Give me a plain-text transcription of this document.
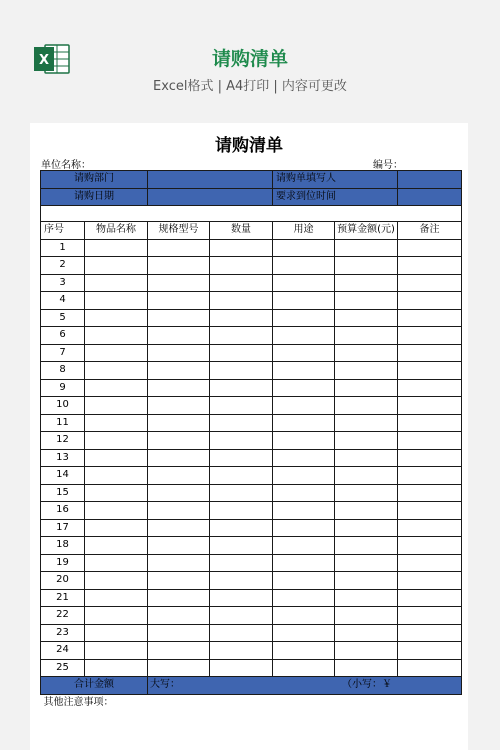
X	请购清单
Excel格式 | A4打印 | 内容可更改
请购清单
单位名称：	编号：
请购部门				请购单填写人		
请购日期				要求到位时间		

序号	物品名称	规格型号	数量	用途	预算金额(元)	备注
1						
2						
3						
4						
5						
6						
7						
8						
9						
10						
11						
12						
13						
14						
15						
16						
17						
18						
19						
20						
21						
22						
23						
24						
25						
合计金额		大写： （小写：￥				

其他注意事项：						
